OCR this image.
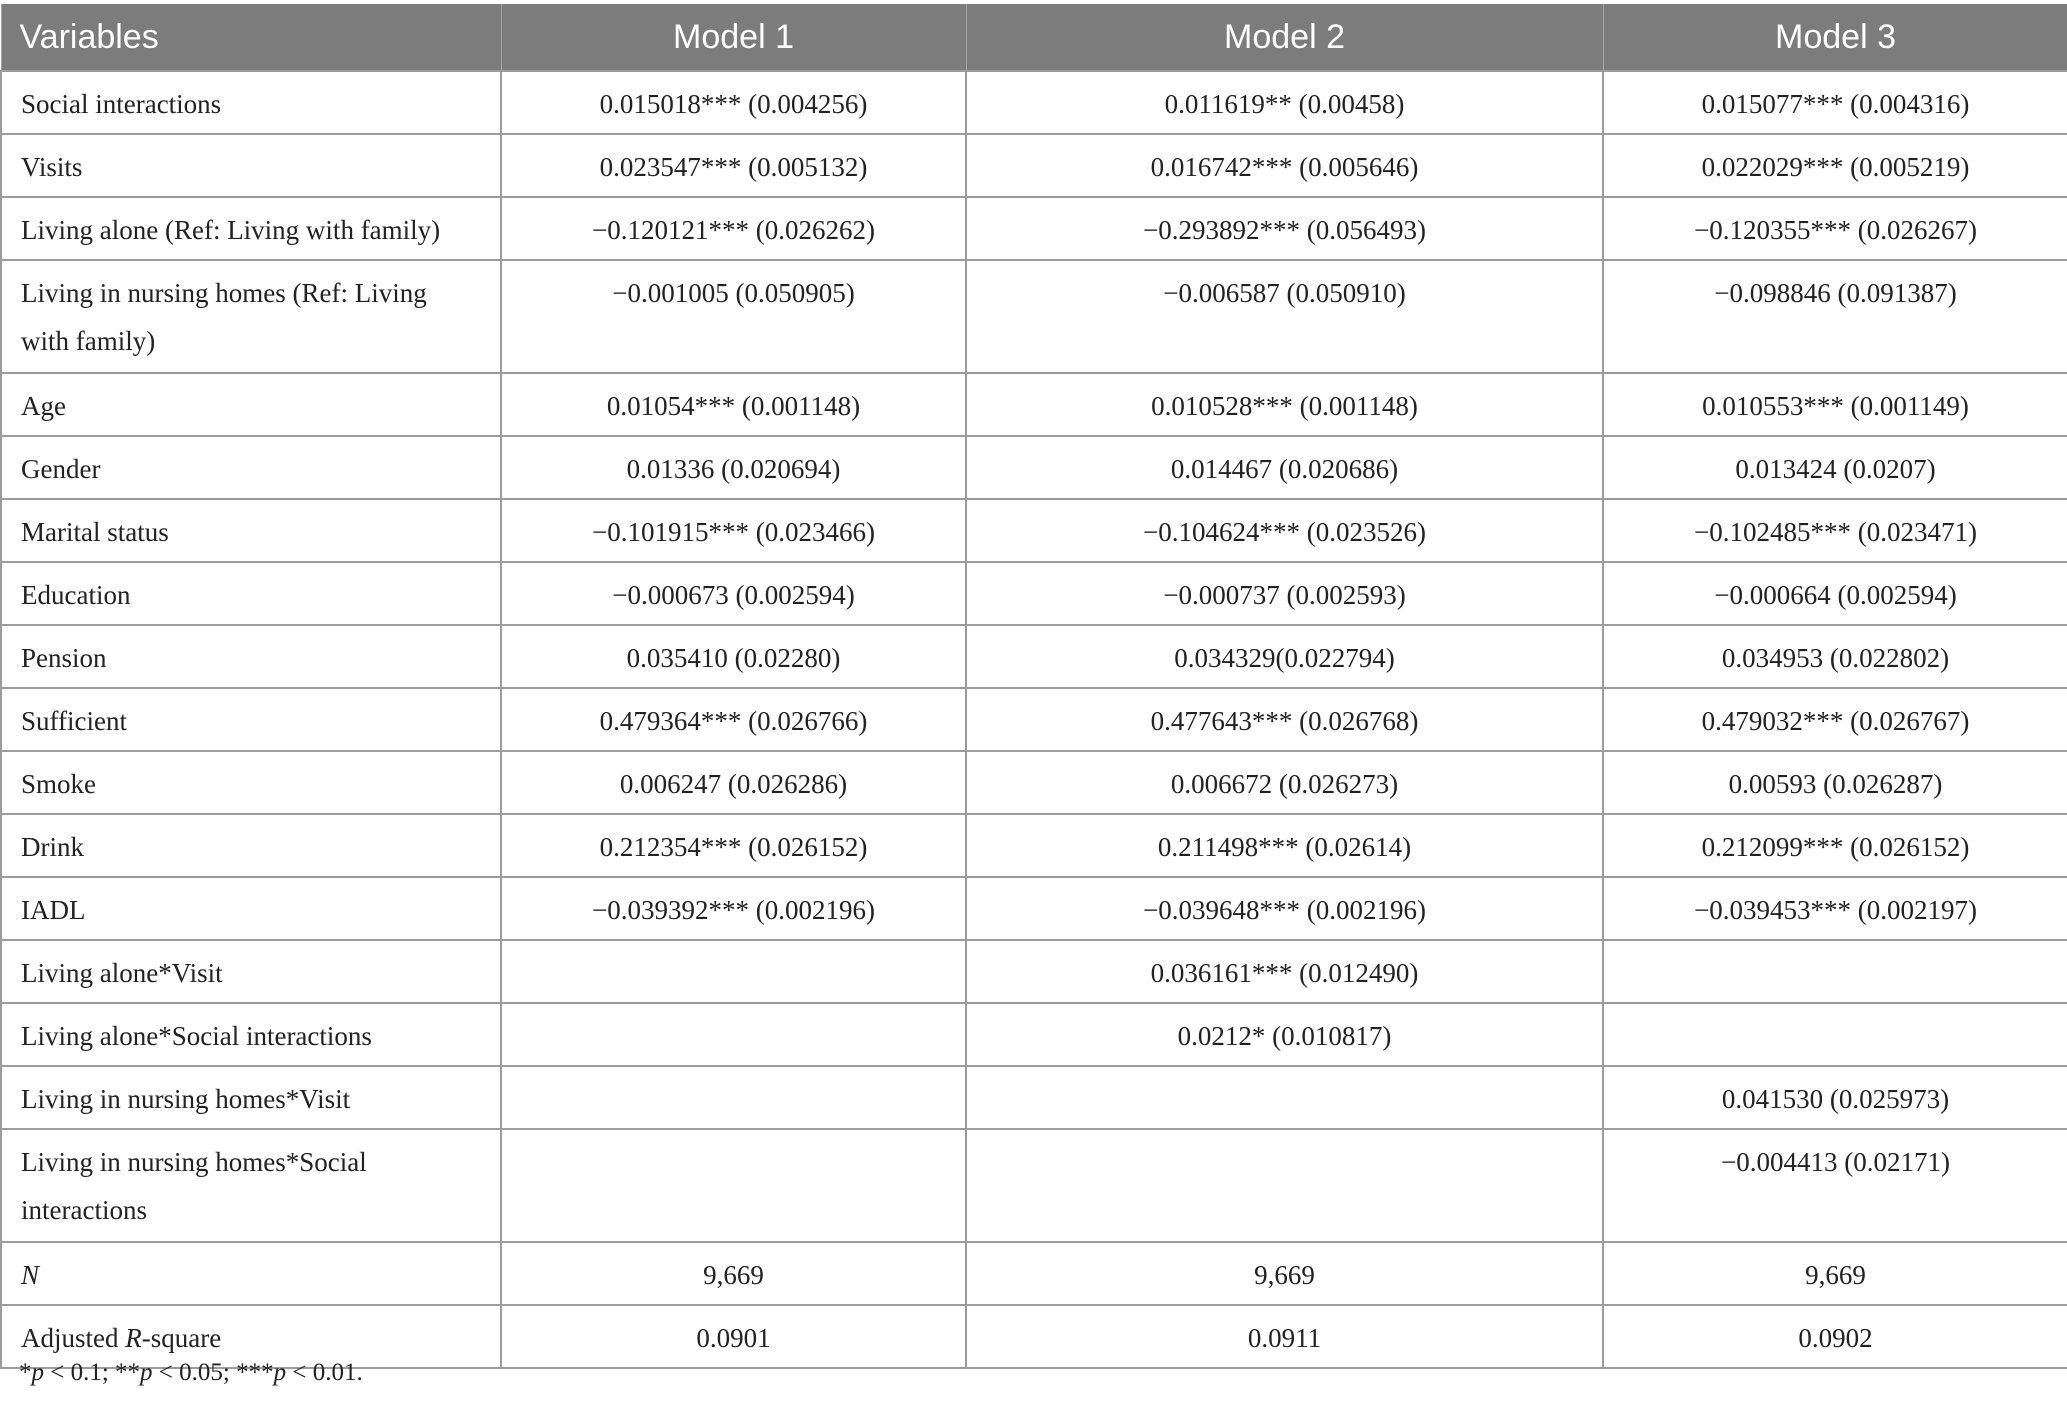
Variables	Model 1	Model 2	Model 3
Social interactions	0.015018*** (0.004256)	0.011619** (0.00458)	0.015077*** (0.004316)
Visits	0.023547*** (0.005132)	0.016742*** (0.005646)	0.022029*** (0.005219)
Living alone (Ref: Living with family)	−0.120121*** (0.026262)	−0.293892*** (0.056493)	−0.120355*** (0.026267)
Living in nursing homes (Ref: Living with family)	−0.001005 (0.050905)	−0.006587 (0.050910)	−0.098846 (0.091387)
Age	0.01054*** (0.001148)	0.010528*** (0.001148)	0.010553*** (0.001149)
Gender	0.01336 (0.020694)	0.014467 (0.020686)	0.013424 (0.0207)
Marital status	−0.101915*** (0.023466)	−0.104624*** (0.023526)	−0.102485*** (0.023471)
Education	−0.000673 (0.002594)	−0.000737 (0.002593)	−0.000664 (0.002594)
Pension	0.035410 (0.02280)	0.034329(0.022794)	0.034953 (0.022802)
Sufficient	0.479364*** (0.026766)	0.477643*** (0.026768)	0.479032*** (0.026767)
Smoke	0.006247 (0.026286)	0.006672 (0.026273)	0.00593 (0.026287)
Drink	0.212354*** (0.026152)	0.211498*** (0.02614)	0.212099*** (0.026152)
IADL	−0.039392*** (0.002196)	−0.039648*** (0.002196)	−0.039453*** (0.002197)
Living alone*Visit		0.036161*** (0.012490)	
Living alone*Social interactions		0.0212* (0.010817)	
Living in nursing homes*Visit			0.041530 (0.025973)
Living in nursing homes*Social interactions			−0.004413 (0.02171)
N	9,669	9,669	9,669
Adjusted R-square	0.0901	0.0911	0.0902
*p < 0.1; **p < 0.05; ***p < 0.01.
